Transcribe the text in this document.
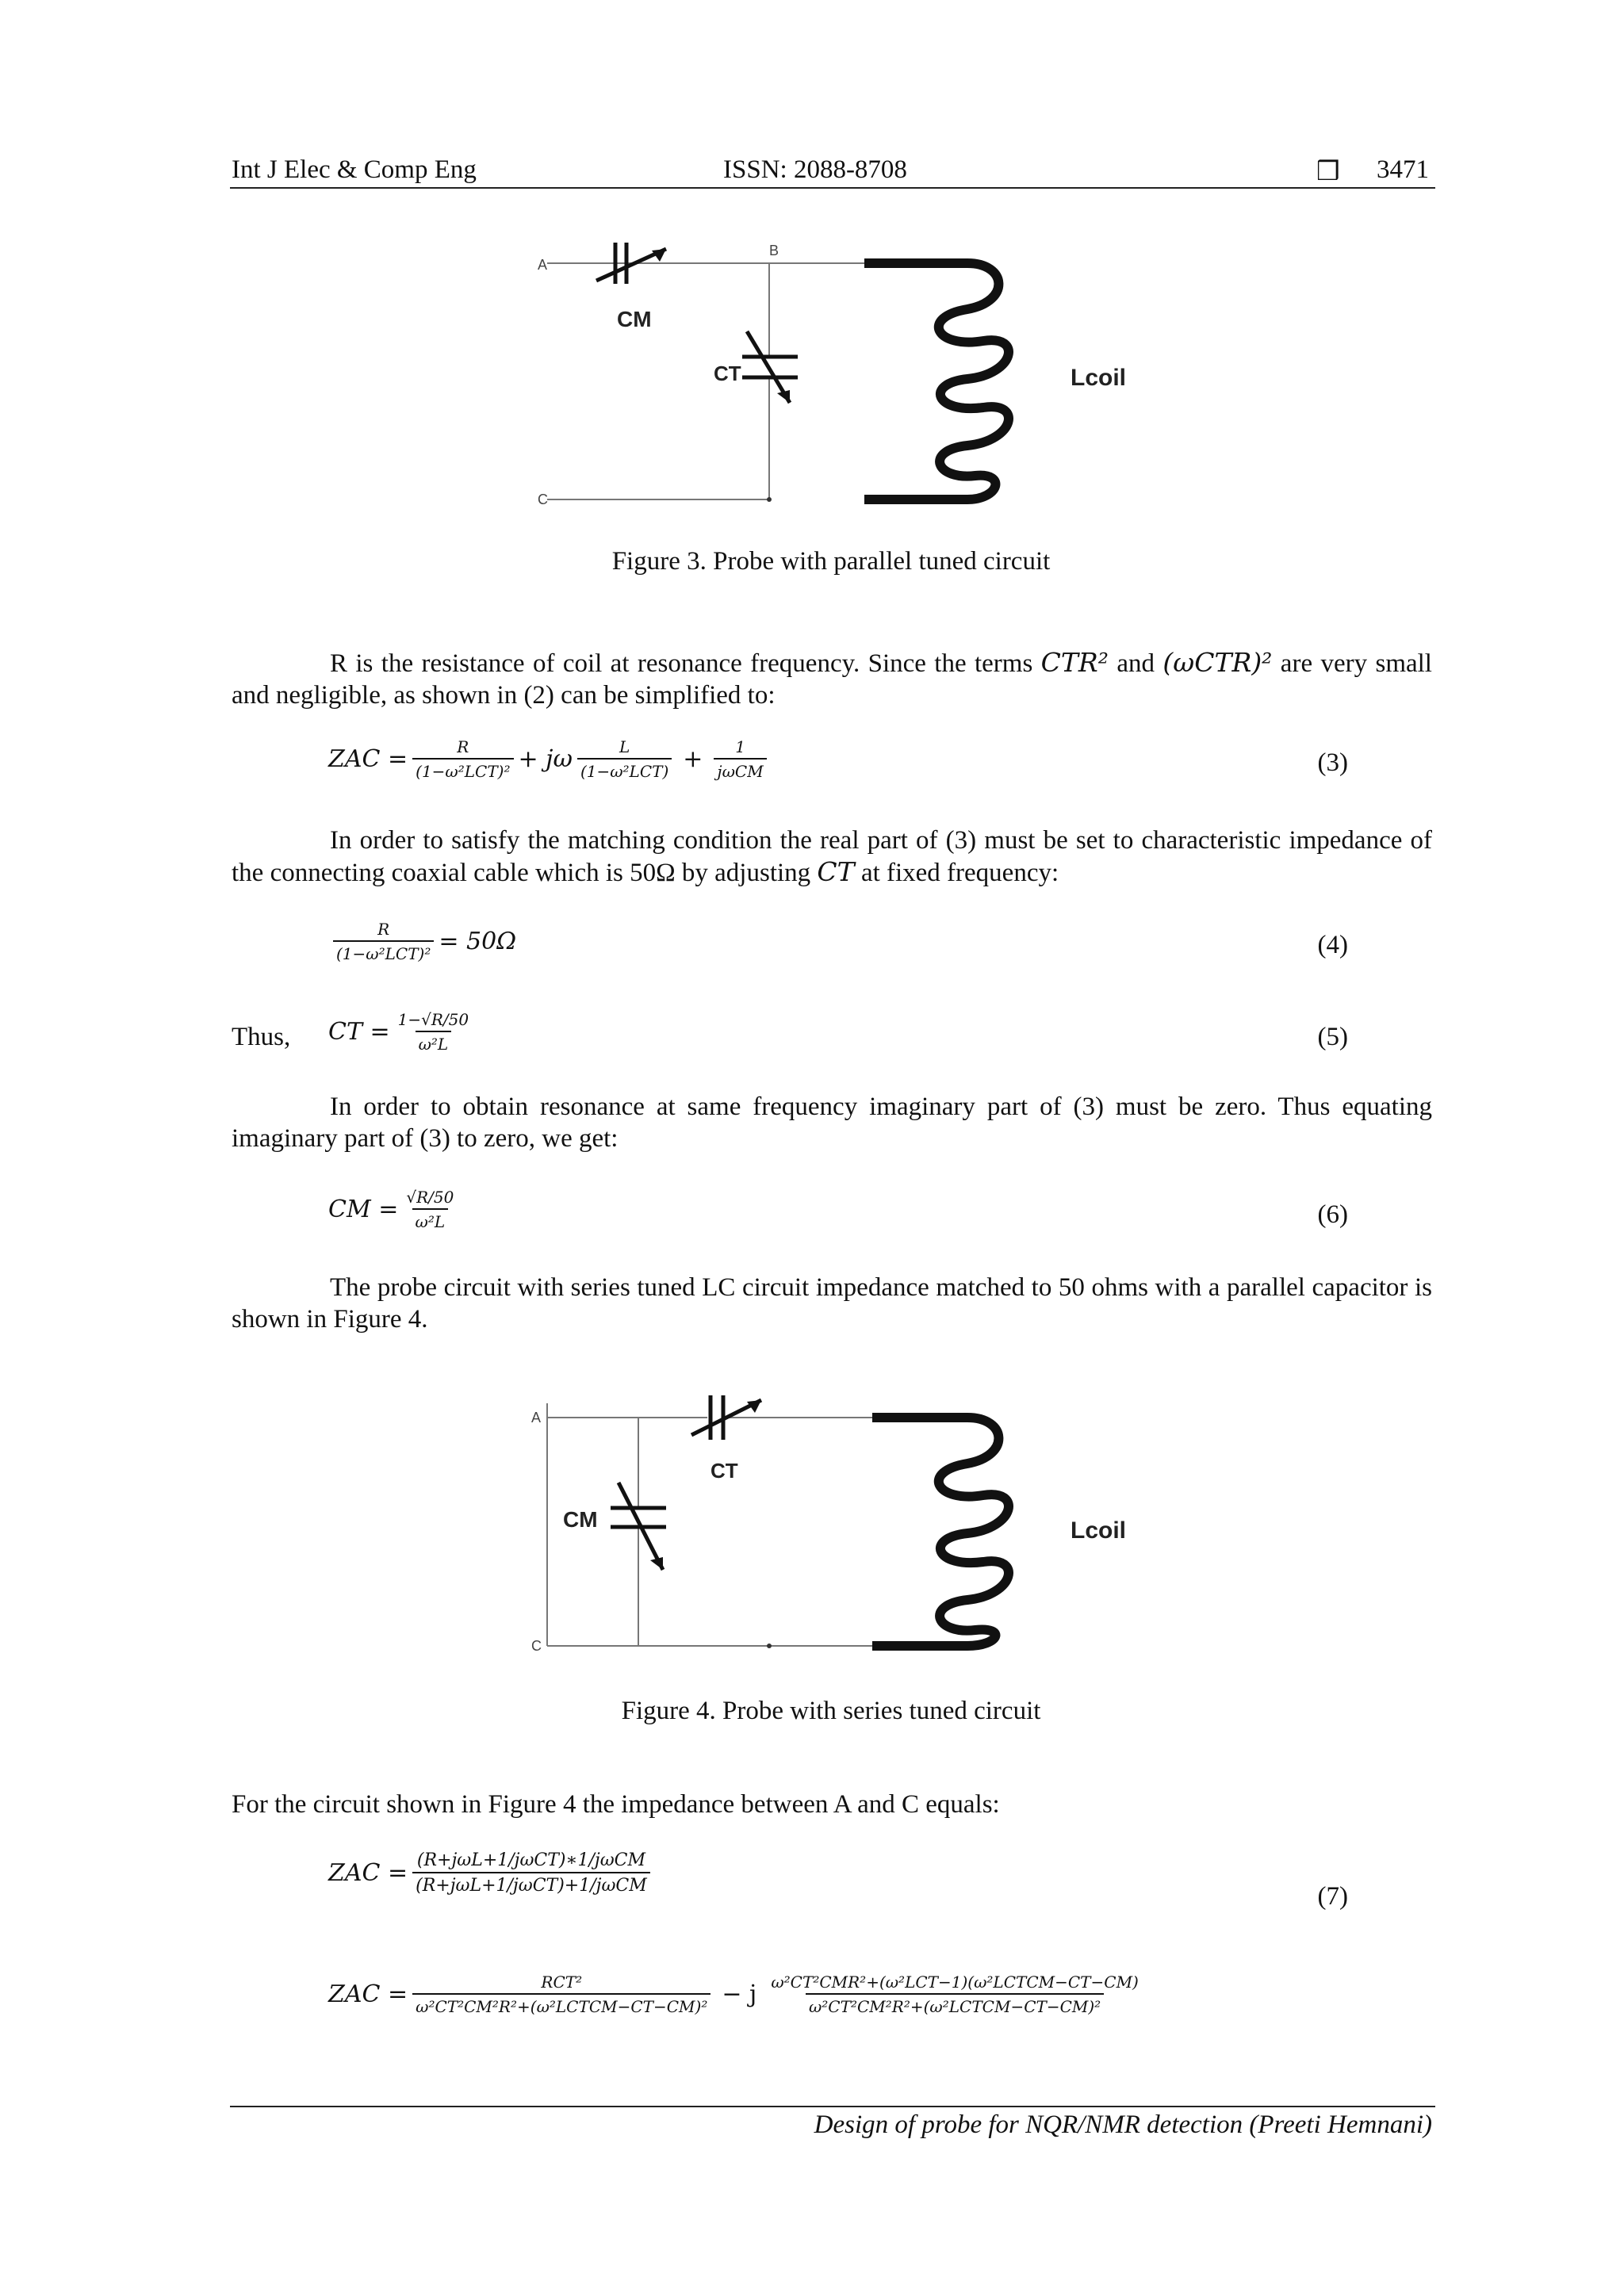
Int J Elec & Comp Eng	ISSN: 2088-8708	❒ 3471
A
B
C
CM
CT	Lcoil
Figure 3. Probe with parallel tuned circuit

R is the resistance of coil at resonance frequency. Since the terms CTR² and (ωCTR)² are very small and negligible, as shown in (2) can be simplified to:

ZAC = $\frac{R}{\text{(1−ω²LCT)²}} + j\omega \frac{L}{\text{(1−ω²LCT)}} + \frac{1}{\text{jωCM}}$	(3)

In order to satisfy the matching condition the real part of (3) must be set to characteristic impedance of the connecting coaxial cable which is 50Ω by adjusting CT at fixed frequency:

$\frac{R}{\text{(1−ω²LCT)²}} = 50\Omega$	(4)
Thus, CT = $\frac{1-√R/50}{\text{ω²L}}$	(5)

In order to obtain resonance at same frequency imaginary part of (3) must be zero. Thus equating imaginary part of (3) to zero, we get:

CM = $\frac{√R/50}{\text{ω²L}}$	(6)

The probe circuit with series tuned LC circuit impedance matched to 50 ohms with a parallel capacitor is shown in Figure 4.

A
C
CM
CT
Lcoil
Figure 4. Probe with series tuned circuit

For the circuit shown in Figure 4 the impedance between A and C equals:

ZAC = $\frac{\text{(R+jωL+1/jωCT)∗1/jωCM}}{\text{(R+jωL+1/jωCT)+1/jωCM}}$
(7)
ZAC = $\frac{\text{RCT²}}{\text{ω²CT²CM²R²+(ω²LCTCM−CT−CM)²}} - j \frac{\text{ω²CT²CMR²+(ω²LCT−1)(ω²LCTCM−CT−CM)}}{\text{ω²CT²CM²R²+(ω²LCTCM−CT−CM)²}}$
Design of probe for NQR/NMR detection (Preeti Hemnani)
